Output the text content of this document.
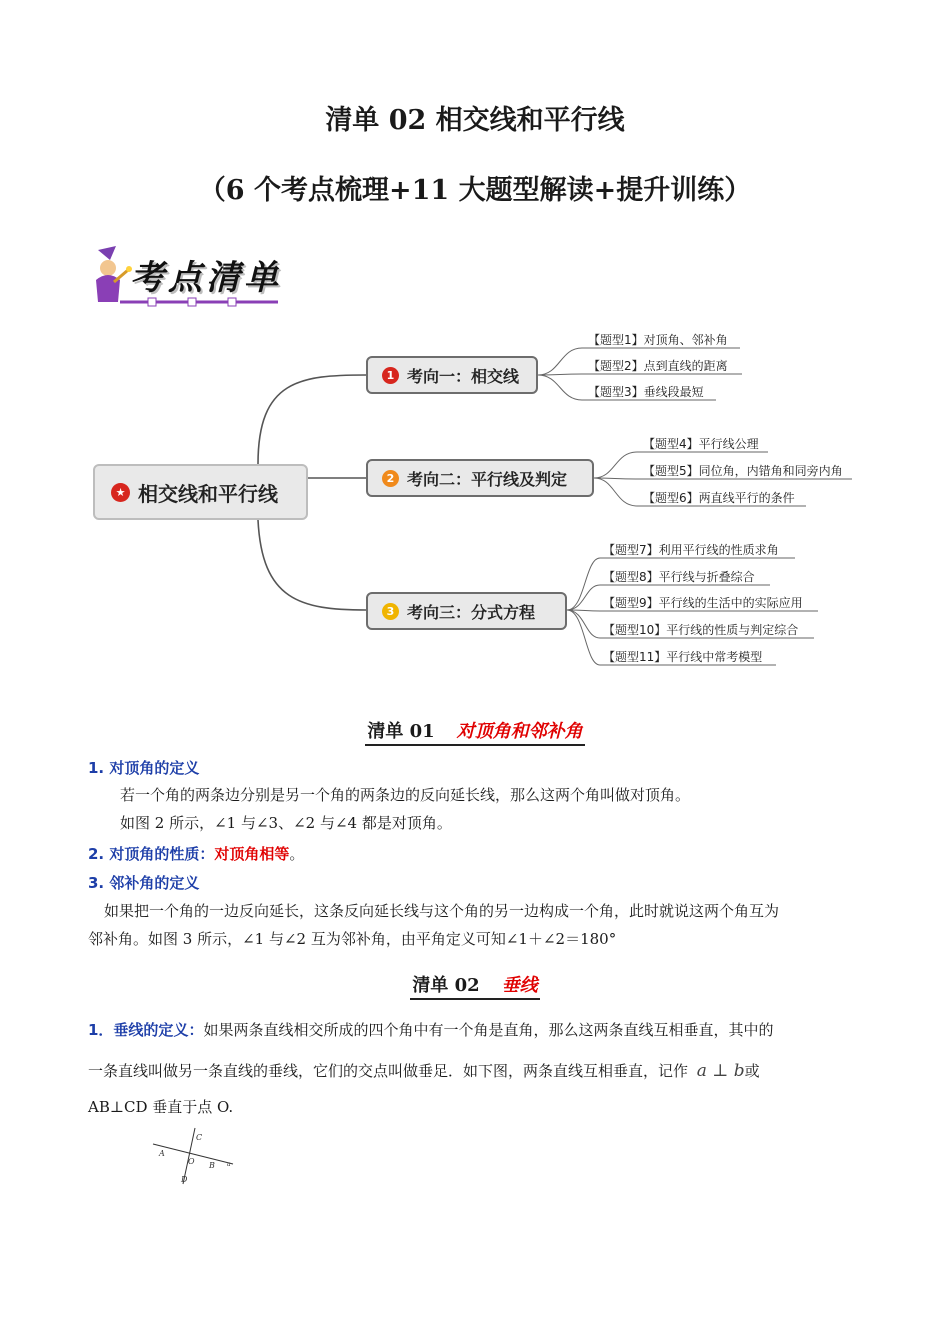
清单 02 相交线和平行线
（6 个考点梳理+11 大题型解读+提升训练）
考点清单
★ 相交线和平行线
1 考向一：相交线
2 考向二：平行线及判定
3 考向三：分式方程
【题型1】对顶角、邻补角
【题型2】点到直线的距离
【题型3】垂线段最短
【题型4】平行线公理
【题型5】同位角，内错角和同旁内角
【题型6】两直线平行的条件
【题型7】利用平行线的性质求角
【题型8】平行线与折叠综合
【题型9】平行线的生活中的实际应用
【题型10】平行线的性质与判定综合
【题型11】平行线中常考模型
清单 01 对顶角和邻补角
1. 对顶角的定义
若一个角的两条边分别是另一个角的两条边的反向延长线，那么这两个角叫做对顶角。
如图 2 所示，∠1 与∠3、∠2 与∠4 都是对顶角。
2. 对顶角的性质：对顶角相等。
3. 邻补角的定义
如果把一个角的一边反向延长，这条反向延长线与这个角的另一边构成一个角，此时就说这两个角互为
邻补角。如图 3 所示，∠1 与∠2 互为邻补角，由平角定义可知∠1＋∠2＝180°
清单 02 垂线
1．垂线的定义：如果两条直线相交所成的四个角中有一个角是直角，那么这两条直线互相垂直，其中的
一条直线叫做另一条直线的垂线，它们的交点叫做垂足．如下图，两条直线互相垂直，记作 a ⊥ b或
AB⊥CD 垂直于点 O.
C
A
O B a
D
